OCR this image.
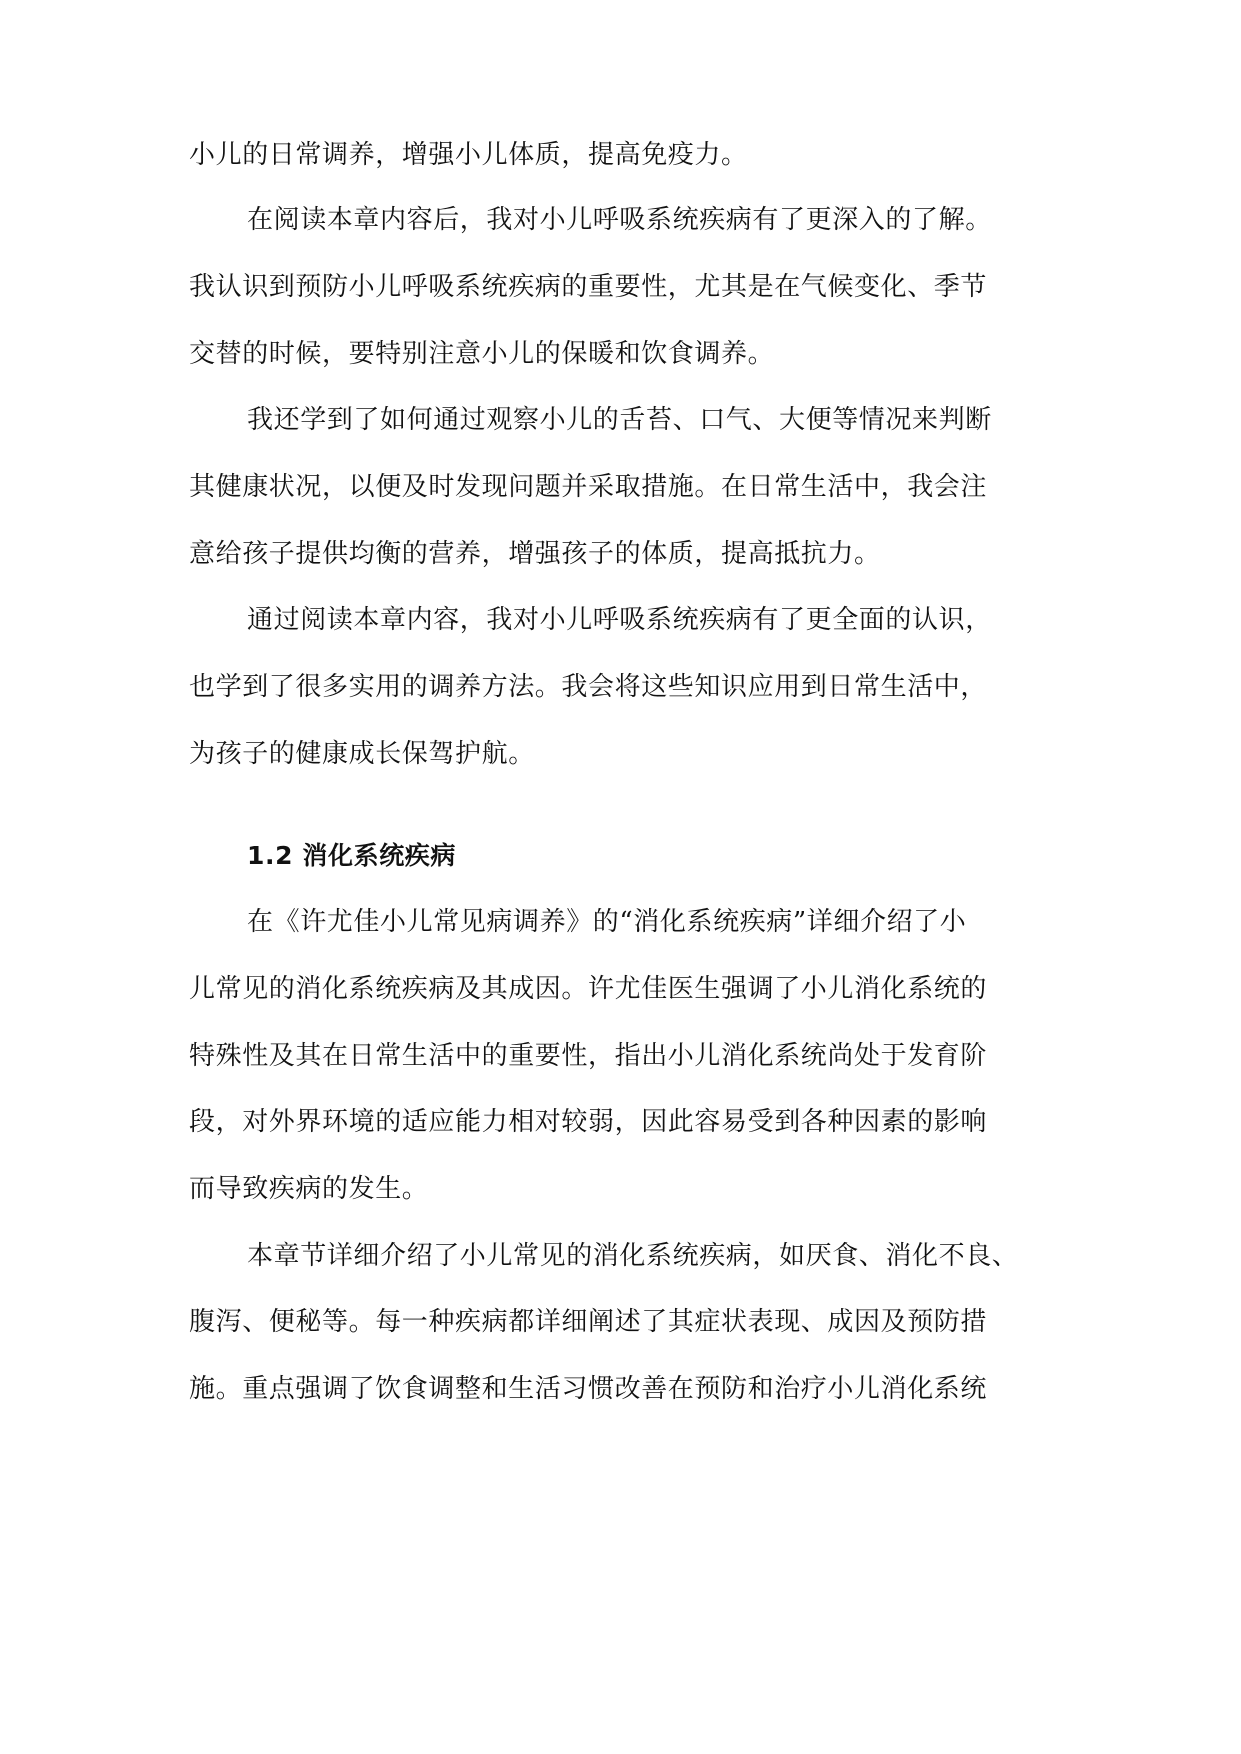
小儿的日常调养，增强小儿体质，提高免疫力。
在阅读本章内容后，我对小儿呼吸系统疾病有了更深入的了解。
我认识到预防小儿呼吸系统疾病的重要性，尤其是在气候变化、季节
交替的时候，要特别注意小儿的保暖和饮食调养。
我还学到了如何通过观察小儿的舌苔、口气、大便等情况来判断
其健康状况，以便及时发现问题并采取措施。在日常生活中，我会注
意给孩子提供均衡的营养，增强孩子的体质，提高抵抗力。
通过阅读本章内容，我对小儿呼吸系统疾病有了更全面的认识，
也学到了很多实用的调养方法。我会将这些知识应用到日常生活中，
为孩子的健康成长保驾护航。
1.2 消化系统疾病
在《许尤佳小儿常见病调养》的“消化系统疾病”详细介绍了小
儿常见的消化系统疾病及其成因。许尤佳医生强调了小儿消化系统的
特殊性及其在日常生活中的重要性，指出小儿消化系统尚处于发育阶
段，对外界环境的适应能力相对较弱，因此容易受到各种因素的影响
而导致疾病的发生。
本章节详细介绍了小儿常见的消化系统疾病，如厌食、消化不良、
腹泻、便秘等。每一种疾病都详细阐述了其症状表现、成因及预防措
施。重点强调了饮食调整和生活习惯改善在预防和治疗小儿消化系统
